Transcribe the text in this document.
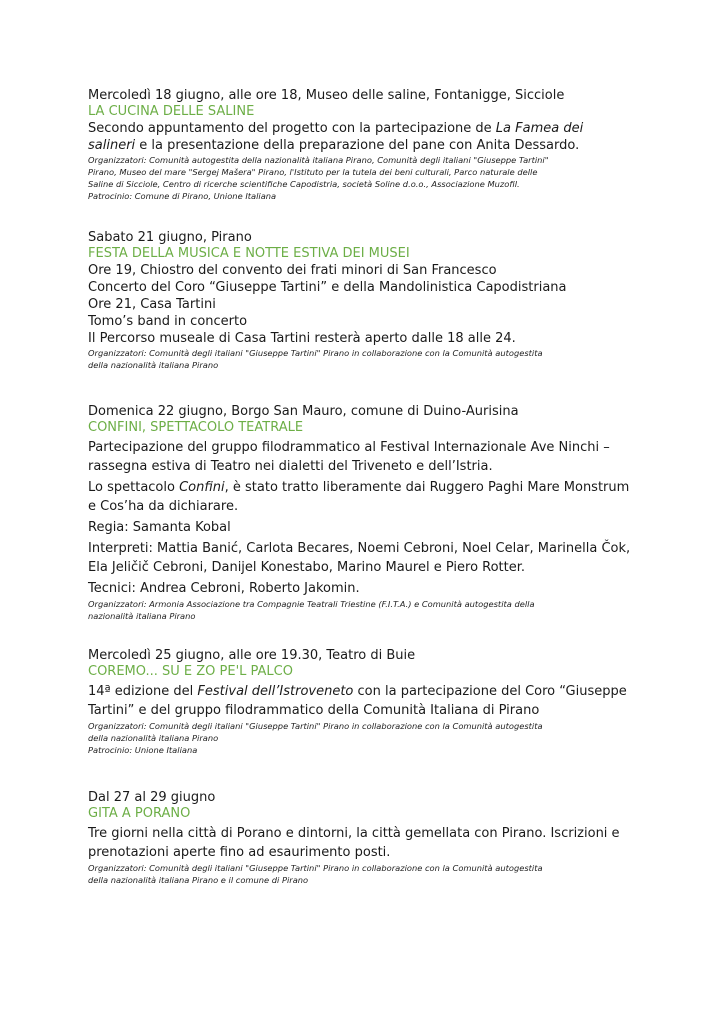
Mercoledì 18 giugno, alle ore 18, Museo delle saline, Fontanigge, Sicciole

LA CUCINA DELLE SALINE

Secondo appuntamento del progetto con la partecipazione de La Famea dei

salineri e la presentazione della preparazione del pane con Anita Dessardo.

Organizzatori: Comunità autogestita della nazionalità italiana Pirano, Comunità degli italiani "Giuseppe Tartini"

Pirano, Museo del mare "Sergej Mašera" Pirano, l'Istituto per la tutela dei beni culturali, Parco naturale delle

Saline di Sicciole, Centro di ricerche scientifiche Capodistria, società Soline d.o.o., Associazione Muzofil.

Patrocinio: Comune di Pirano, Unione Italiana

Sabato 21 giugno, Pirano

FESTA DELLA MUSICA E NOTTE ESTIVA DEI MUSEI

Ore 19, Chiostro del convento dei frati minori di San Francesco

Concerto del Coro “Giuseppe Tartini” e della Mandolinistica Capodistriana

Ore 21, Casa Tartini

Tomo’s band in concerto

Il Percorso museale di Casa Tartini resterà aperto dalle 18 alle 24.

Organizzatori: Comunità degli italiani "Giuseppe Tartini" Pirano in collaborazione con la Comunità autogestita

della nazionalità italiana Pirano

Domenica 22 giugno, Borgo San Mauro, comune di Duino-Aurisina

CONFINI, SPETTACOLO TEATRALE

Partecipazione del gruppo filodrammatico al Festival Internazionale Ave Ninchi –

rassegna estiva di Teatro nei dialetti del Triveneto e dell’Istria.

Lo spettacolo Confini, è stato tratto liberamente dai Ruggero Paghi Mare Monstrum

e Cos’ha da dichiarare.

Regia: Samanta Kobal

Interpreti: Mattia Banić, Carlota Becares, Noemi Cebroni, Noel Celar, Marinella Čok,

Ela Jeličič Cebroni, Danijel Konestabo, Marino Maurel e Piero Rotter.

Tecnici: Andrea Cebroni, Roberto Jakomin.

Organizzatori: Armonia Associazione tra Compagnie Teatrali Triestine (F.I.T.A.) e Comunità autogestita della

nazionalità italiana Pirano

Mercoledì 25 giugno, alle ore 19.30, Teatro di Buie

COREMO... SU E ZO PE'L PALCO

14ª edizione del Festival dell’Istroveneto con la partecipazione del Coro “Giuseppe

Tartini” e del gruppo filodrammatico della Comunità Italiana di Pirano

Organizzatori: Comunità degli italiani "Giuseppe Tartini" Pirano in collaborazione con la Comunità autogestita

della nazionalità italiana Pirano

Patrocinio: Unione Italiana

Dal 27 al 29 giugno

GITA A PORANO

Tre giorni nella città di Porano e dintorni, la città gemellata con Pirano. Iscrizioni e

prenotazioni aperte fino ad esaurimento posti.

Organizzatori: Comunità degli italiani "Giuseppe Tartini" Pirano in collaborazione con la Comunità autogestita

della nazionalità italiana Pirano e il comune di Pirano
